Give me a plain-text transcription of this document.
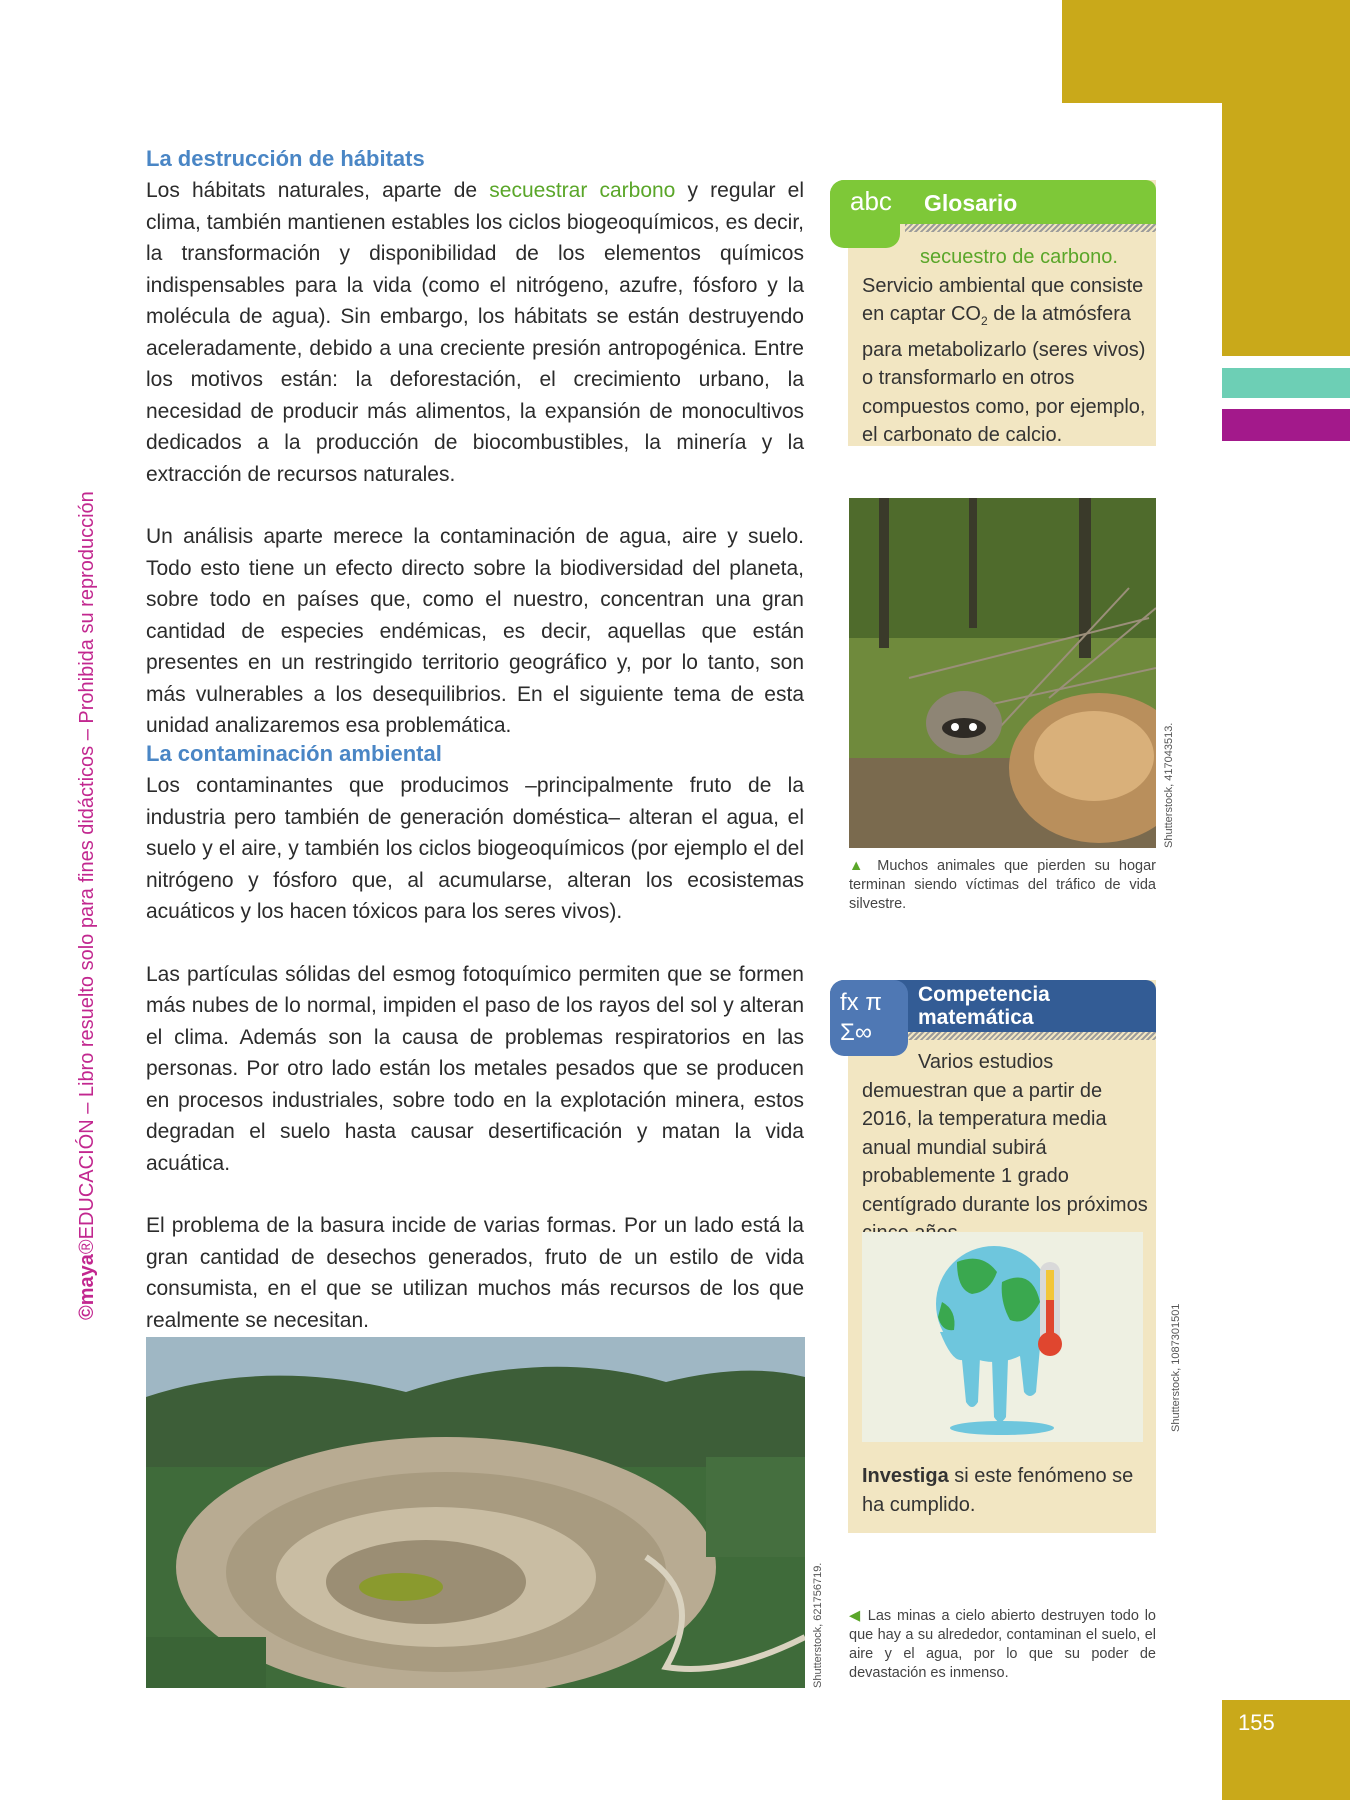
©maya®EDUCACIÓN – Libro resuelto solo para fines didácticos – Prohibida su reproducción
La destrucción de hábitats

Los hábitats naturales, aparte de secuestrar carbono y regular el clima, también mantienen estables los ciclos biogeoquímicos, es decir, la transformación y disponibilidad de los elementos químicos indispensables para la vida (como el nitrógeno, azufre, fósforo y la molécula de agua). Sin embargo, los hábitats se están destruyendo aceleradamente, debido a una creciente presión antropogénica. Entre los motivos están: la deforestación, el crecimiento urbano, la necesidad de producir más alimentos, la expansión de monocultivos dedicados a la producción de biocombustibles, la minería y la extracción de recursos naturales.

Un análisis aparte merece la contaminación de agua, aire y suelo. Todo esto tiene un efecto directo sobre la biodiversidad del planeta, sobre todo en países que, como el nuestro, concentran una gran cantidad de especies endémicas, es decir, aquellas que están presentes en un restringido territorio geográfico y, por lo tanto, son más vulnerables a los desequilibrios. En el siguiente tema de esta unidad analizaremos esa problemática.

La contaminación ambiental

Los contaminantes que producimos –principalmente fruto de la industria pero también de generación doméstica– alteran el agua, el suelo y el aire, y también los ciclos biogeoquímicos (por ejemplo el del nitrógeno y fósforo que, al acumularse, alteran los ecosistemas acuáticos y los hacen tóxicos para los seres vivos).

Las partículas sólidas del esmog fotoquímico permiten que se formen más nubes de lo normal, impiden el paso de los rayos del sol y alteran el clima. Además son la causa de problemas respiratorios en las personas. Por otro lado están los metales pesados que se producen en procesos industriales, sobre todo en la explotación minera, estos degradan el suelo hasta causar desertificación y matan la vida acuática.

El problema de la basura incide de varias formas. Por un lado está la gran cantidad de desechos generados, fruto de un estilo de vida consumista, en el que se utilizan muchos más recursos de los que realmente se necesitan.

abc	Glosario
secuestro de carbono.
Servicio ambiental que consiste en captar $CO_2$ de la atmósfera para metabolizarlo (seres vivos) o transformarlo en otros compuestos como, por ejemplo, el carbonato de calcio.
Shutterstock, 417043513.
▲ Muchos animales que pierden su hogar terminan siendo víctimas del tráfico de vida silvestre.
fx π Σ∞
Competencia
matemática
Varios estudios demuestran que a partir de 2016, la temperatura media anual mundial subirá probablemente 1 grado centígrado durante los próximos
Shutterstock, 1087301501
Investiga si este fenómeno se ha cumplido.
Shutterstock, 621756719. ◀ Las minas a cielo abierto destruyen todo lo que hay a su alrededor, contaminan el suelo, el aire y el agua, por lo que su poder de devastación es inmenso.
155
